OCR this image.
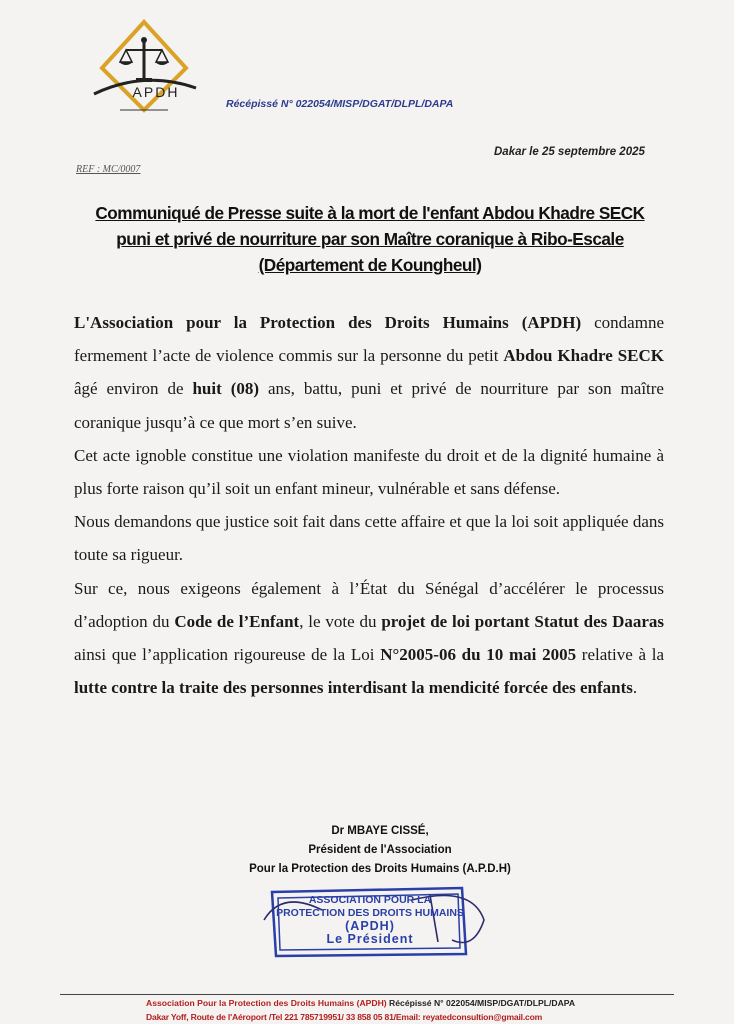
APDH
Récépissé N° 022054/MISP/DGAT/DLPL/DAPA
Dakar le 25 septembre 2025
REF : MC/0007
Communiqué de Presse suite à la mort de l'enfant Abdou Khadre SECK puni et privé de nourriture par son Maître coranique à Ribo-Escale (Département de Koungheul)

L'Association pour la Protection des Droits Humains (APDH) condamne fermement l’acte de violence commis sur la personne du petit Abdou Khadre SECK âgé environ de huit (08) ans, battu, puni et privé de nourriture par son maître coranique jusqu’à ce que mort s’en suive.

Cet acte ignoble constitue une violation manifeste du droit et de la dignité humaine à plus forte raison qu’il soit un enfant mineur, vulnérable et sans défense.

Nous demandons que justice soit fait dans cette affaire et que la loi soit appliquée dans toute sa rigueur.

Sur ce, nous exigeons également à l’État du Sénégal d’accélérer le processus d’adoption du Code de l’Enfant, le vote du projet de loi portant Statut des Daaras ainsi que l’application rigoureuse de la Loi N°2005-06 du 10 mai 2005 relative à la lutte contre la traite des personnes interdisant la mendicité forcée des enfants.

Dr MBAYE CISSÉ,
Président de l'Association
Pour la Protection des Droits Humains (A.P.D.H)
ASSOCIATION POUR LA
PROTECTION DES DROITS HUMAINS
(APDH)
Le Président
Association Pour la Protection des Droits Humains (APDH) Récépissé N° 022054/MISP/DGAT/DLPL/DAPA
Dakar Yoff, Route de l'Aéroport /Tel 221 785719951/ 33 858 05 81/Email: reyatedconsultion@gmail.com
